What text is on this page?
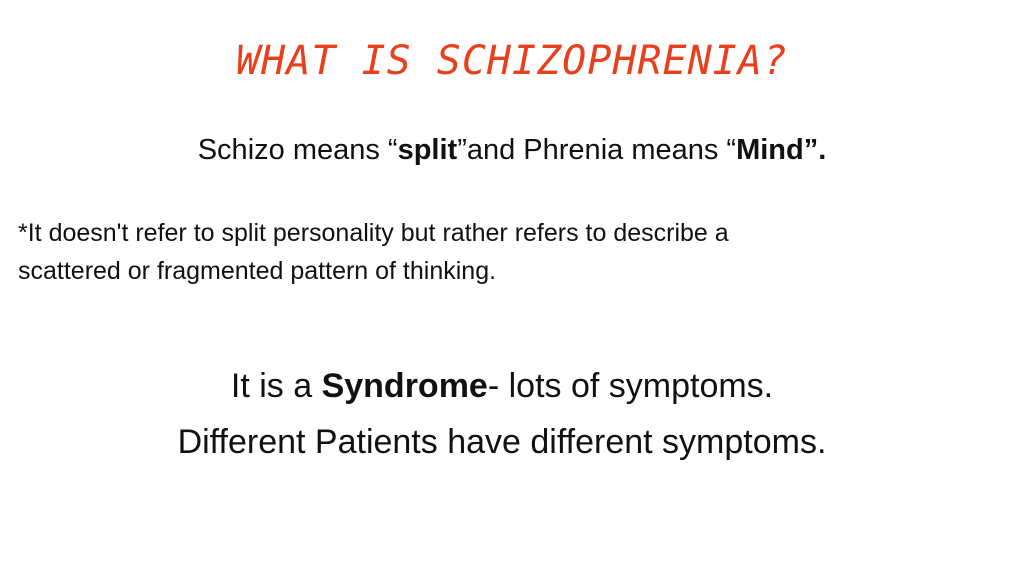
WHAT IS SCHIZOPHRENIA?
Schizo means “split”and Phrenia means “Mind”.
*It doesn't refer to split personality but rather refers to describe a
scattered or fragmented pattern of thinking.
It is a Syndrome- lots of symptoms.
Different Patients have different symptoms.
